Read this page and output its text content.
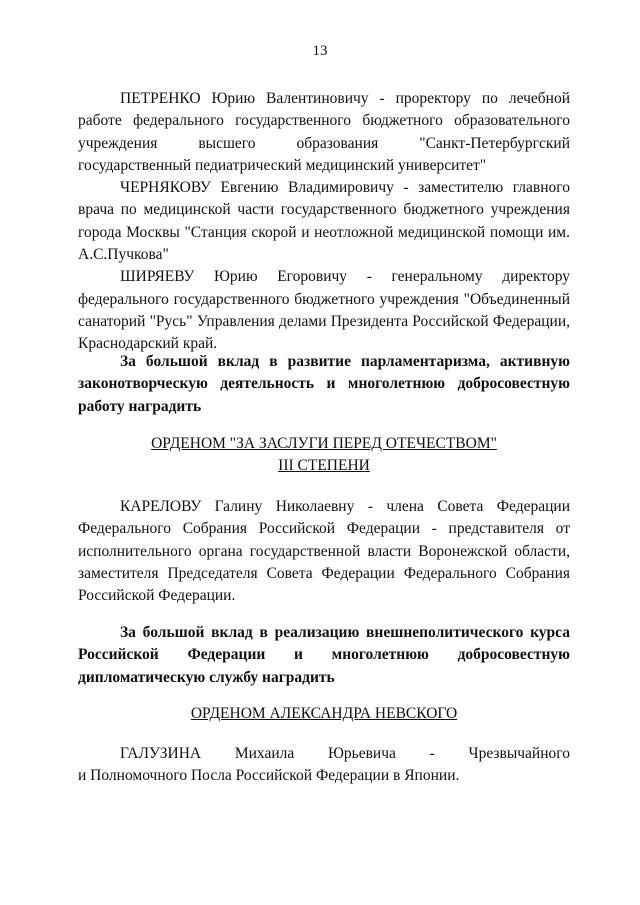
13

ПЕТРЕНКО Юрию Валентиновичу - проректору по лечебной работе федерального государственного бюджетного образовательного учреждения высшего образования "Санкт-Петербургский государственный педиатрический медицинский университет"

ЧЕРНЯКОВУ Евгению Владимировичу - заместителю главного врача по медицинской части государственного бюджетного учреждения города Москвы "Станция скорой и неотложной медицинской помощи им. А.С.Пучкова"

ШИРЯЕВУ Юрию Егоровичу - генеральному директору федерального государственного бюджетного учреждения "Объединенный санаторий "Русь" Управления делами Президента Российской Федерации, Краснодарский край.

За большой вклад в развитие парламентаризма, активную законотворческую деятельность и многолетнюю добросовестную работу наградить

ОРДЕНОМ "ЗА ЗАСЛУГИ ПЕРЕД ОТЕЧЕСТВОМ"

III СТЕПЕНИ

КАРЕЛОВУ Галину Николаевну - члена Совета Федерации Федерального Собрания Российской Федерации - представителя от исполнительного органа государственной власти Воронежской области, заместителя Председателя Совета Федерации Федерального Собрания Российской Федерации.

За большой вклад в реализацию внешнеполитического курса Российской Федерации и многолетнюю добросовестную дипломатическую службу наградить

ОРДЕНОМ АЛЕКСАНДРА НЕВСКОГО

ГАЛУЗИНА Михаила Юрьевича - Чрезвычайного

и Полномочного Посла Российской Федерации в Японии.
